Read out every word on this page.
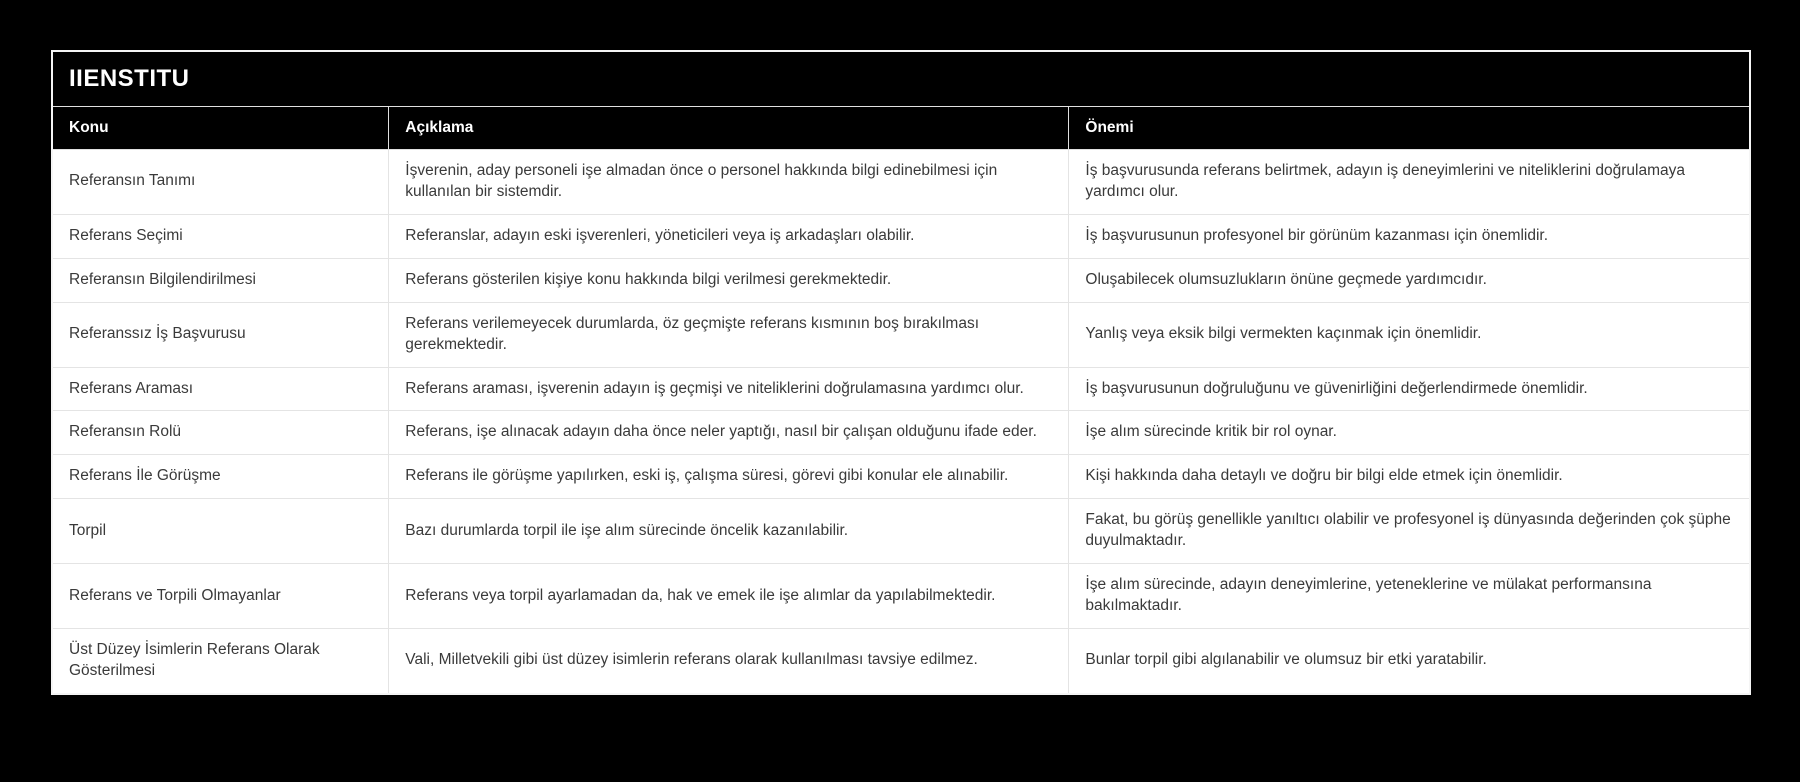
IIENSTITU
Konu	Açıklama	Önemi
Referansın Tanımı	İşverenin, aday personeli işe almadan önce o personel hakkında bilgi edinebilmesi için kullanılan bir sistemdir.	İş başvurusunda referans belirtmek, adayın iş deneyimlerini ve niteliklerini doğrulamaya yardımcı olur.
Referans Seçimi	Referanslar, adayın eski işverenleri, yöneticileri veya iş arkadaşları olabilir.	İş başvurusunun profesyonel bir görünüm kazanması için önemlidir.
Referansın Bilgilendirilmesi	Referans gösterilen kişiye konu hakkında bilgi verilmesi gerekmektedir.	Oluşabilecek olumsuzlukların önüne geçmede yardımcıdır.
Referanssız İş Başvurusu	Referans verilemeyecek durumlarda, öz geçmişte referans kısmının boş bırakılması gerekmektedir.	Yanlış veya eksik bilgi vermekten kaçınmak için önemlidir.
Referans Araması	Referans araması, işverenin adayın iş geçmişi ve niteliklerini doğrulamasına yardımcı olur.	İş başvurusunun doğruluğunu ve güvenirliğini değerlendirmede önemlidir.
Referansın Rolü	Referans, işe alınacak adayın daha önce neler yaptığı, nasıl bir çalışan olduğunu ifade eder.	İşe alım sürecinde kritik bir rol oynar.
Referans İle Görüşme	Referans ile görüşme yapılırken, eski iş, çalışma süresi, görevi gibi konular ele alınabilir.	Kişi hakkında daha detaylı ve doğru bir bilgi elde etmek için önemlidir.
Torpil	Bazı durumlarda torpil ile işe alım sürecinde öncelik kazanılabilir.	Fakat, bu görüş genellikle yanıltıcı olabilir ve profesyonel iş dünyasında değerinden çok şüphe duyulmaktadır.
Referans ve Torpili Olmayanlar	Referans veya torpil ayarlamadan da, hak ve emek ile işe alımlar da yapılabilmektedir.	İşe alım sürecinde, adayın deneyimlerine, yeteneklerine ve mülakat performansına bakılmaktadır.
Üst Düzey İsimlerin Referans Olarak Gösterilmesi	Vali, Milletvekili gibi üst düzey isimlerin referans olarak kullanılması tavsiye edilmez.	Bunlar torpil gibi algılanabilir ve olumsuz bir etki yaratabilir.
